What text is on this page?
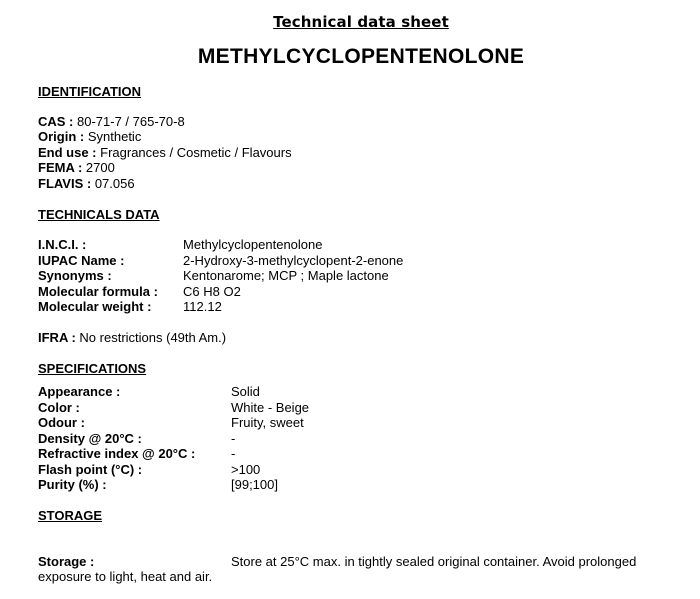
Technical data sheet
METHYLCYCLOPENTENOLONE
IDENTIFICATION
CAS : 80-71-7 / 765-70-8
Origin : Synthetic
End use : Fragrances / Cosmetic / Flavours
FEMA : 2700
FLAVIS : 07.056
TECHNICALS DATA
I.N.C.I. :	Methylcyclopentenolone
IUPAC Name :	2-Hydroxy-3-methylcyclopent-2-enone
Synonyms :	Kentonarome; MCP ; Maple lactone
Molecular formula : C6 H8 O2
Molecular weight : 112.12
IFRA : No restrictions (49th Am.)
SPECIFICATIONS
Appearance :	Solid
Color :	White - Beige
Odour :	Fruity, sweet
Density @ 20°C :	-
Refractive index @ 20°C :	-
Flash point (°C) :	>100
Purity (%) :	[99;100]
STORAGE
Storage :	Store at 25°C max. in tightly sealed original container. Avoid prolonged
exposure to light, heat and air.
